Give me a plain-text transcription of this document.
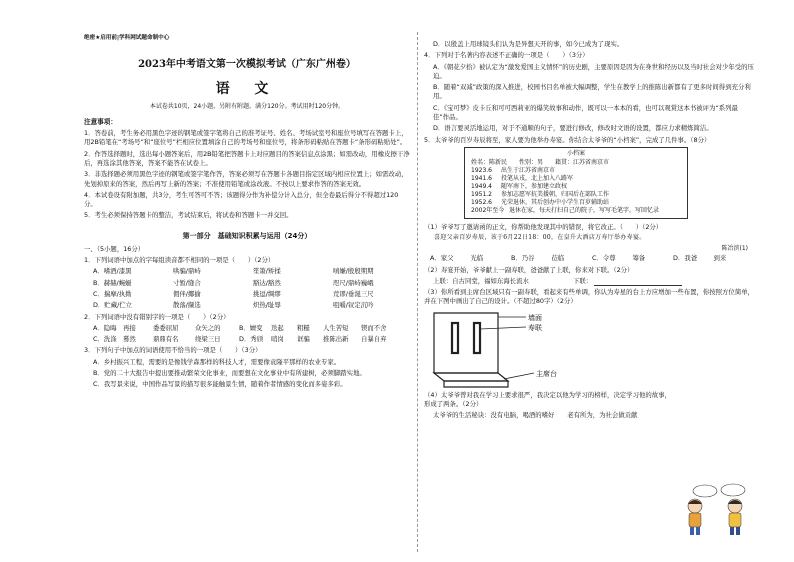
绝密★启用前|学科网试题命制中心
2023年中考语文第一次模拟考试（广东广州卷）
语 文
本试卷共10页，24小题，另附有附题。满分120分。考试用时120分钟。
注意事项：

1．答卷前，考生务必用黑色字迹的钢笔或签字笔将自己的准考证号、姓名、考场试室号和座位号填写在答题卡上，用2B铅笔在“考场号”和“座位号”栏相应位置填涂自己的考场号和座位号，将条形码粘贴在答题卡“条形码粘贴处”。

2．作答选择题时，选出每小题答案后，用2B铅笔把答题卡上对应题目的答案信息点涂黑；如需改动，用橡皮擦干净后，再选涂其他答案，答案不能答在试卷上。

3．非选择题必须用黑色字迹的钢笔或签字笔作答，答案必须写在答题卡各题目指定区域内相应位置上；如需改动，先划掉原来的答案，然后再写上新的答案；不准使用铅笔或涂改液。不按以上要求作答的答案无效。

4．本试卷设有附加题，共3分，考生可答可不答；该题得分作为补偿分计入总分，但全卷最后得分不得超过120分。

5．考生必须保持答题卡的整洁，考试结束后，将试卷和答题卡一并交回。

第一部分　基础知识积累与运用（24分）

一、（5小题，16分）

1．下列词语中加点的字每组读音都不相同的一项是（　　）（2分）

A．嗜酒/漆黑	哄骗/鼎峙	笙箫/矫揉	嗔嫌/殷殷期期
B．赫赫/蜿蜒	寸暂/缝合	豁达/豁然	咫尺/鼎峙巍峨
C．揣摩/执拗	佣伴/揶揄	挑逗/绸缪	荒谬/垂涎三尺
D．贮藏/伫立	散落/撷选	炽热/耻辱	咀嚼/钗定沉吟

2．下列词语中没有错别字的一项是（　　）（2分）

A．隐晦	再接	委委屈屈	众矢之的	B．嬗变	迭起	粗糙	人生苦短	锲而不舍
C．洗涤 蓦然	鼎鼎有名	绕梁三日	D．秀颀	哨岗	诓骗	推陈出新	自暴自弃

3．下列句子中加点的词语使用不恰当的一项是（　　）（3分）

A．乡村振兴工程，需要的是像钱学森那样的科技人才，需要像袁隆平那样的农业专家。

B．党的二十大报告中提出要推动繁荣文化事业，而要想在文化事业中有所建树，必须脚踏实地。

C．我写景来说，中国作品写景的描写很多能触景生情，随着作者情感的变化而多姿多彩。

D．以殷盖上用球镜头们认为是异想天开的事，如今已成为了现实。

4．下列对于名著内容表述不正确的一项是（　　）（3分）

A．《朝花夕拾》被认定为“激发爱国主义情怀”的历史剧，主要原因是因为在身世和经历以及当时社会对少年受的压迫。

B．随着“双减”政策的深入推进，校园书目名单被大幅调整，学生在教学上的推陈出新都有了更多时间得到充分利用。

C．《宝可梦》皮卡丘和可可西莉亚的爆笑故事和动作，既可以一本本的看，也可以观赏这本书被评为“系列最佳”作品。

D．语言要灵活地运用，对于不通顺的句子，要进行修改，修改时文语的设置，都应力求精炼简洁。

5．太爷爷的百岁寿辰将至，家人要为他举办寿宴。你结合太爷爷的“小档案”，完成了几件事。（8分）

小档案
姓名：陈新民　　性别：男　　籍贯：江苏省南京市
1923.6	出生于江苏省南京市
1941.6	投笔从戎，北上加入八路军
1949.4	随军南下，参加建立政权
1951.2	参加志愿军抗美援朝，归国后在部队工作
1952.6	光荣退休，其后创办中小学生百岁辅助站
2002年至今 退休在家，每天打扫自己的院子，写写毛笔字，写回忆录

（1）爷爷写了邀请函的正文，你帮助他发现其中的错误，将它改正。（　　）（2分）

喜迎父亲百岁寿辰，该于6月22日18：00，在皇升大酒店万寿厅举办寿宴。

陈冶滨(1)
A．家父	光临	B．乃谷	莅临	C．令尊	筹备	D．我爸	到来

（2）寿宴开始，爷爷献上一副寿联，爸爸献了上联，你来对下联。（2分）

上联：自古同堂，福如东海长流水	下联：

（3）你所看到主席台区域只有一副寿联，看起来有些单调，你认为寿星的台上方应增加一些布置，你按照方位简单，并在下图中画出了自己的设计。（不超过80字）（2分）

墙面
寿联
主席台

（4）太爷爷曾对我在学习上要求很严，我决定以他为学习的榜样，决定学习他的故事，形成了两条。（2分）

太爷爷的生活秘诀：没有电脑，喝酒的嗜好　　老有所为，为社会做贡献
